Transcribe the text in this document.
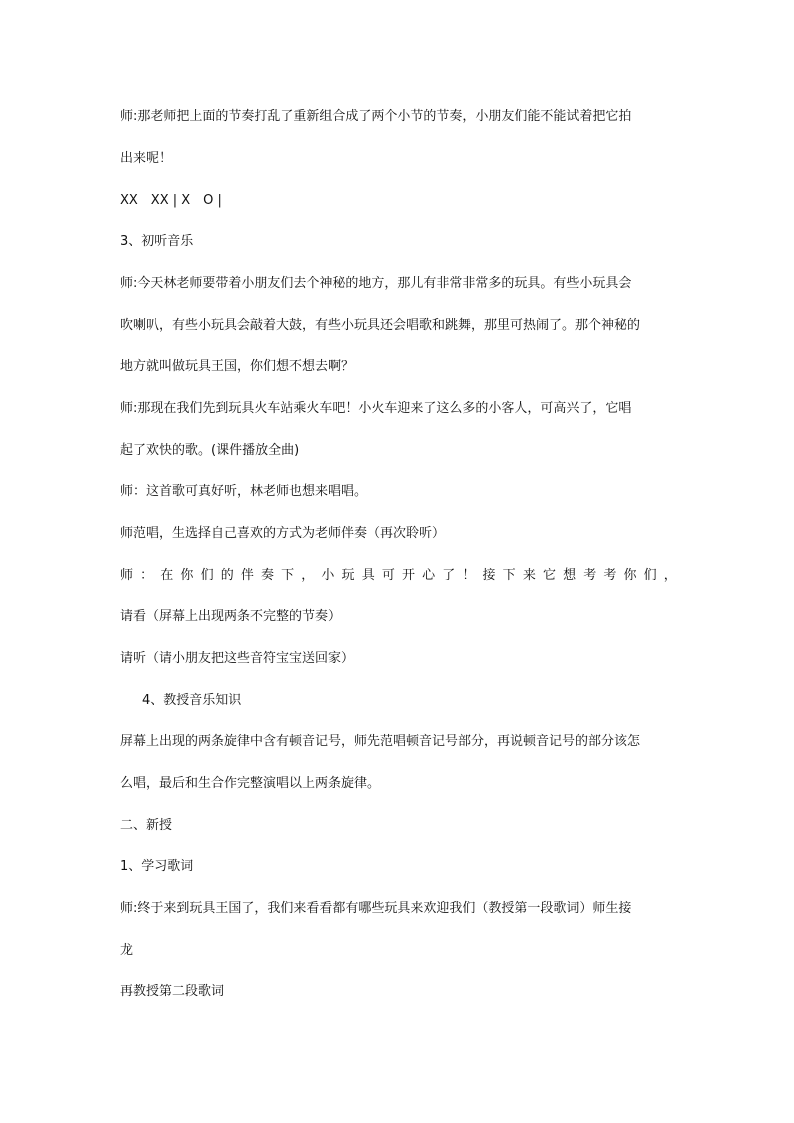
师:那老师把上面的节奏打乱了重新组合成了两个小节的节奏，小朋友们能不能试着把它拍
出来呢！
XX　XX | X　O |
3、初听音乐
师:今天林老师要带着小朋友们去个神秘的地方，那儿有非常非常多的玩具。有些小玩具会
吹喇叭，有些小玩具会敲着大鼓，有些小玩具还会唱歌和跳舞，那里可热闹了。那个神秘的
地方就叫做玩具王国，你们想不想去啊？
师:那现在我们先到玩具火车站乘火车吧！小火车迎来了这么多的小客人，可高兴了，它唱
起了欢快的歌。(课件播放全曲)
师：这首歌可真好听，林老师也想来唱唱。
师范唱，生选择自己喜欢的方式为老师伴奏（再次聆听）
师 ： 在 你 们 的 伴 奏 下 ， 小 玩 具 可 开 心 了 ！ 接 下 来 它 想 考 考 你 们 ，
请看（屏幕上出现两条不完整的节奏）
请听（请小朋友把这些音符宝宝送回家）
4、教授音乐知识
屏幕上出现的两条旋律中含有顿音记号，师先范唱顿音记号部分，再说顿音记号的部分该怎
么唱，最后和生合作完整演唱以上两条旋律。
二、新授
1、学习歌词
师:终于来到玩具王国了，我们来看看都有哪些玩具来欢迎我们（教授第一段歌词）师生接
龙
再教授第二段歌词
